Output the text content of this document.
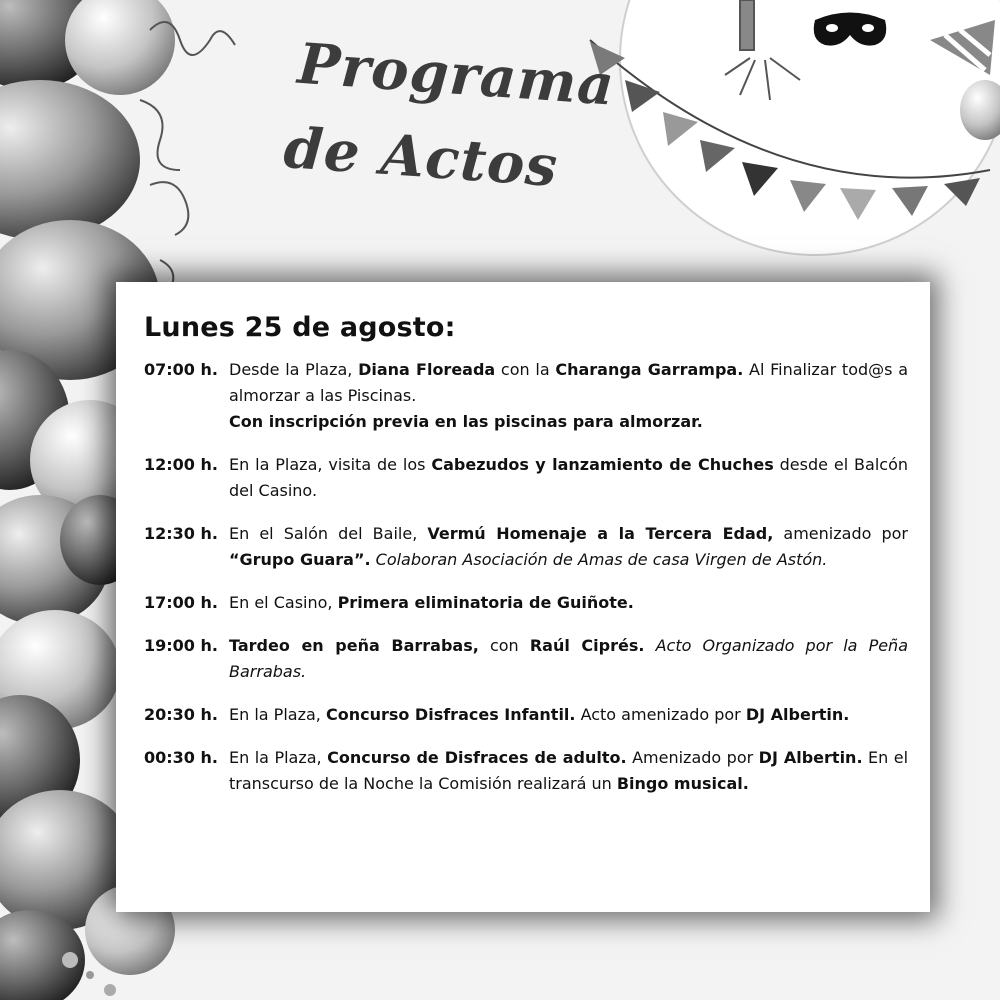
Programa
de Actos
Lunes 25 de agosto:
07:00 h. Desde la Plaza, Diana Floreada con la Charanga Garrampa. Al Finalizar tod@s a almorzar a las Piscinas.
Con inscripción previa en las piscinas para almorzar.
12:00 h. En la Plaza, visita de los Cabezudos y lanzamiento de Chuches desde el Balcón del Casino.
12:30 h. En el Salón del Baile, Vermú Homenaje a la Tercera Edad, amenizado por “Grupo Guara”. Colaboran Asociación de Amas de casa Virgen de Astón.
17:00 h. En el Casino, Primera eliminatoria de Guiñote.
19:00 h. Tardeo en peña Barrabas, con Raúl Ciprés. Acto Organizado por la Peña Barrabas.
20:30 h. En la Plaza, Concurso Disfraces Infantil. Acto amenizado por DJ Albertin.
00:30 h. En la Plaza, Concurso de Disfraces de adulto. Amenizado por DJ Albertin. En el transcurso de la Noche la Comisión realizará un Bingo musical.
